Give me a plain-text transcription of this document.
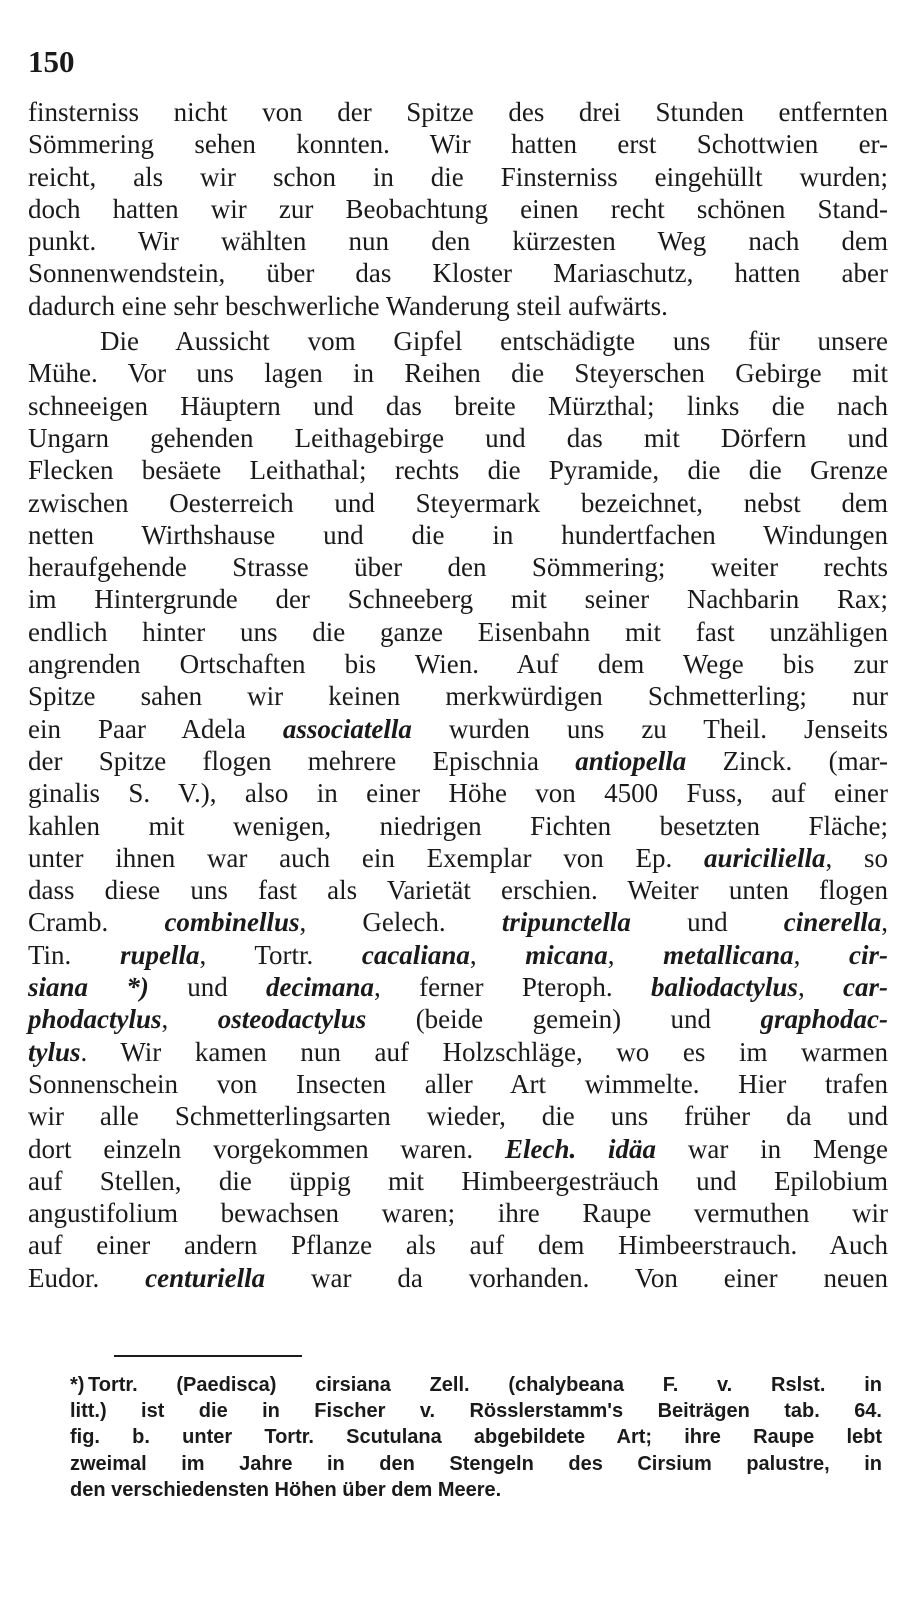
150
finsterniss nicht von der Spitze des drei Stunden entfernten
Sömmering sehen konnten. Wir hatten erst Schottwien er-
reicht, als wir schon in die Finsterniss eingehüllt wurden;
doch hatten wir zur Beobachtung einen recht schönen Stand-
punkt. Wir wählten nun den kürzesten Weg nach dem
Sonnenwendstein, über das Kloster Mariaschutz, hatten aber
dadurch eine sehr beschwerliche Wanderung steil aufwärts.
Die Aussicht vom Gipfel entschädigte uns für unsere
Mühe. Vor uns lagen in Reihen die Steyerschen Gebirge mit
schneeigen Häuptern und das breite Mürzthal; links die nach
Ungarn gehenden Leithagebirge und das mit Dörfern und
Flecken besäete Leithathal; rechts die Pyramide, die die Grenze
zwischen Oesterreich und Steyermark bezeichnet, nebst dem
netten Wirthshause und die in hundertfachen Windungen
heraufgehende Strasse über den Sömmering; weiter rechts
im Hintergrunde der Schneeberg mit seiner Nachbarin Rax;
endlich hinter uns die ganze Eisenbahn mit fast unzähligen
angrenden Ortschaften bis Wien. Auf dem Wege bis zur
Spitze sahen wir keinen merkwürdigen Schmetterling; nur
ein Paar Adela associatella wurden uns zu Theil. Jenseits
der Spitze flogen mehrere Epischnia antiopella Zinck. (mar-
ginalis S. V.), also in einer Höhe von 4500 Fuss, auf einer
kahlen mit wenigen, niedrigen Fichten besetzten Fläche;
unter ihnen war auch ein Exemplar von Ep. auriciliella, so
dass diese uns fast als Varietät erschien. Weiter unten flogen
Cramb. combinellus, Gelech. tripunctella und cinerella,
Tin. rupella, Tortr. cacaliana, micana, metallicana, cir-
siana *) und decimana, ferner Pteroph. baliodactylus, car-
phodactylus, osteodactylus (beide gemein) und graphodac-
tylus. Wir kamen nun auf Holzschläge, wo es im warmen
Sonnenschein von Insecten aller Art wimmelte. Hier trafen
wir alle Schmetterlingsarten wieder, die uns früher da und
dort einzeln vorgekommen waren. Elech. idäa war in Menge
auf Stellen, die üppig mit Himbeergesträuch und Epilobium
angustifolium bewachsen waren; ihre Raupe vermuthen wir
auf einer andern Pflanze als auf dem Himbeerstrauch. Auch
Eudor. centuriella war da vorhanden. Von einer neuen
*) Tortr. (Paedisca) cirsiana Zell. (chalybeana F. v. Rslst. in
litt.) ist die in Fischer v. Rösslerstamm's Beiträgen tab. 64.
fig. b. unter Tortr. Scutulana abgebildete Art; ihre Raupe lebt
zweimal im Jahre in den Stengeln des Cirsium palustre, in
den verschiedensten Höhen über dem Meere.
